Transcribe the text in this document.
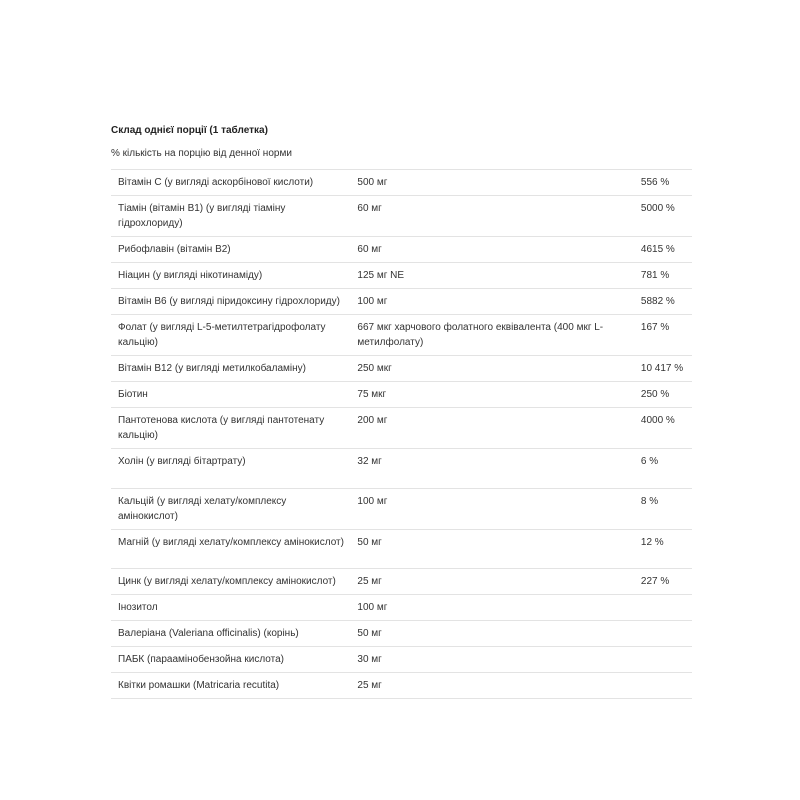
Склад однієї порції (1 таблетка)
% кількість на порцію від денної норми
Вітамін С (у вигляді аскорбінової кислоти)	500 мг	556 %
Тіамін (вітамін В1) (у вигляді тіаміну гідрохлориду)	60 мг	5000 %
Рибофлавін (вітамін В2)	60 мг	4615 %
Ніацин (у вигляді нікотинаміду)	125 мг NE	781 %
Вітамін В6 (у вигляді піридоксину гідрохлориду)	100 мг	5882 %
Фолат (у вигляді L-5-метилтетрагідрофолату кальцію)	667 мкг харчового фолатного еквівалента (400 мкг L-метилфолату)	167 %
Вітамін В12 (у вигляді метилкобаламіну)	250 мкг	10 417 %
Біотин	75 мкг	250 %
Пантотенова кислота (у вигляді пантотенату кальцію)	200 мг	4000 %
Холін (у вигляді бітартрату)	32 мг	6 %
Кальцій (у вигляді хелату/комплексу амінокислот)	100 мг	8 %
Магній (у вигляді хелату/комплексу амінокислот)	50 мг	12 %
Цинк (у вигляді хелату/комплексу амінокислот)	25 мг	227 %
Інозитол	100 мг	
Валеріана (Valeriana officinalis) (корінь)	50 мг	
ПАБК (параамінобензойна кислота)	30 мг	
Квітки ромашки (Matricaria recutita)	25 мг	
